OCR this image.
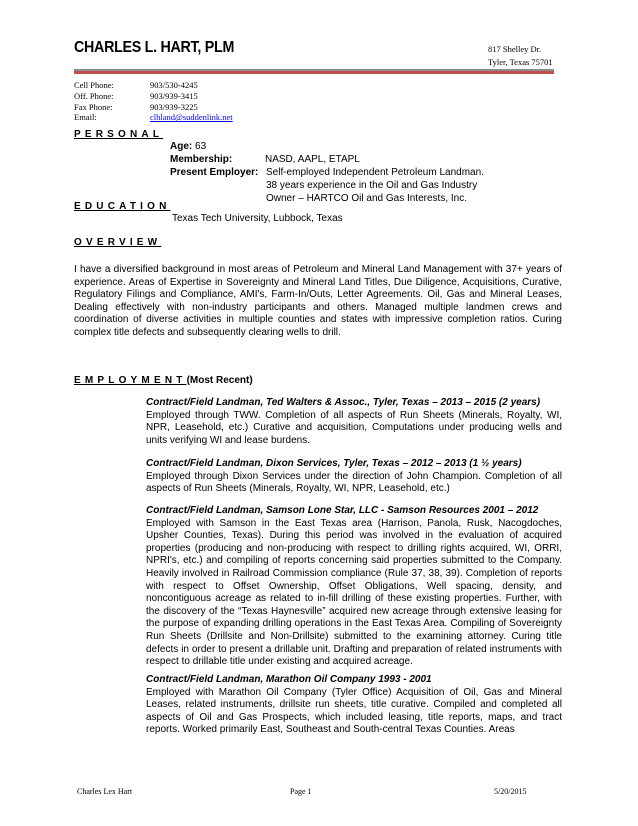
CHARLES L. HART, PLM	817 Shelley Dr.
Tyler, Texas 75701
Cell Phone:	903/530-4245
Off. Phone:	903/939-3415
Fax Phone:	903/939-3225
Email:	clhland@suddenlink.net
PERSONAL
Age: 63
Membership:	NASD, AAPL, ETAPL
Present Employer: Self-employed Independent Petroleum Landman.
38 years experience in the Oil and Gas Industry
Owner – HARTCO Oil and Gas Interests, Inc.
EDUCATION
Texas Tech University, Lubbock, Texas
OVERVIEW
I have a diversified background in most areas of Petroleum and Mineral Land Management with 37+ years of experience. Areas of Expertise in Sovereignty and Mineral Land Titles, Due Diligence, Acquisitions, Curative, Regulatory Filings and Compliance, AMI's, Farm-In/Outs, Letter Agreements. Oil, Gas and Mineral Leases, Dealing effectively with non-industry participants and others. Managed multiple landmen crews and coordination of diverse activities in multiple counties and states with impressive completion ratios. Curing complex title defects and subsequently clearing wells to drill.
EMPLOYMENT(Most Recent)
Contract/Field Landman, Ted Walters & Assoc., Tyler, Texas – 2013 – 2015 (2 years)
Employed through TWW. Completion of all aspects of Run Sheets (Minerals, Royalty, WI, NPR, Leasehold, etc.) Curative and acquisition, Computations under producing wells and units verifying WI and lease burdens.
Contract/Field Landman, Dixon Services, Tyler, Texas – 2012 – 2013 (1 ½ years)
Employed through Dixon Services under the direction of John Champion. Completion of all aspects of Run Sheets (Minerals, Royalty, WI, NPR, Leasehold, etc.)
Contract/Field Landman, Samson Lone Star, LLC - Samson Resources 2001 – 2012
Employed with Samson in the East Texas area (Harrison, Panola, Rusk, Nacogdoches, Upsher Counties, Texas). During this period was involved in the evaluation of acquired properties (producing and non-producing with respect to drilling rights acquired, WI, ORRI, NPRI's, etc.) and compiling of reports concerning said properties submitted to the Company. Heavily involved in Railroad Commission compliance (Rule 37, 38, 39). Completion of reports with respect to Offset Ownership, Offset Obligations, Well spacing, density, and noncontiguous acreage as related to in-fill drilling of these existing properties. Further, with the discovery of the “Texas Haynesville” acquired new acreage through extensive leasing for the purpose of expanding drilling operations in the East Texas Area. Compiling of Sovereignty Run Sheets (Drillsite and Non-Drillsite) submitted to the examining attorney. Curing title defects in order to present a drillable unit. Drafting and preparation of related instruments with respect to drillable title under existing and acquired acreage.
Contract/Field Landman, Marathon Oil Company 1993 - 2001
Employed with Marathon Oil Company (Tyler Office) Acquisition of Oil, Gas and Mineral Leases, related instruments, drillsite run sheets, title curative. Compiled and completed all aspects of Oil and Gas Prospects, which included leasing, title reports, maps, and tract reports. Worked primarily East, Southeast and South-central Texas Counties. Areas
Charles Lex Hart	Page 1	5/20/2015
